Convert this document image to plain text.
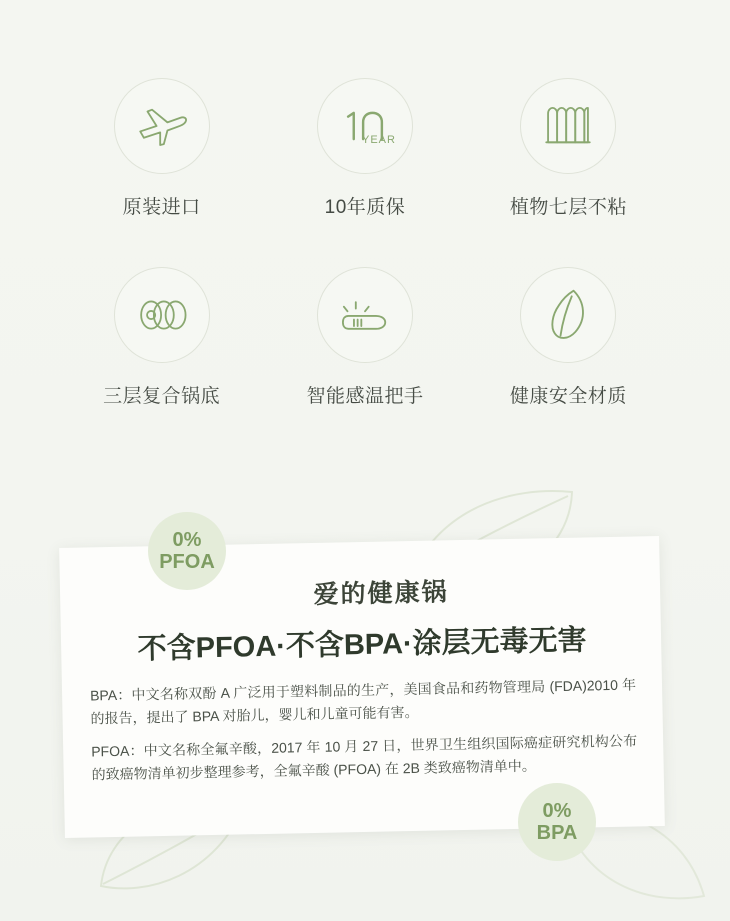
原装进口
YEAR
10年质保	植物七层不粘
三层复合锅底	智能感温把手	健康安全材质
爱的健康锅
不含PFOA·不含BPA·涂层无毒无害
BPA：中文名称双酚 A 广泛用于塑料制品的生产，美国食品和药物管理局 (FDA)2010 年的报告，提出了 BPA 对胎儿，婴儿和儿童可能有害。
PFOA：中文名称全氟辛酸，2017 年 10 月 27 日，世界卫生组织国际癌症研究机构公布的致癌物清单初步整理参考，全氟辛酸 (PFOA) 在 2B 类致癌物清单中。
0%
PFOA
0%
BPA
